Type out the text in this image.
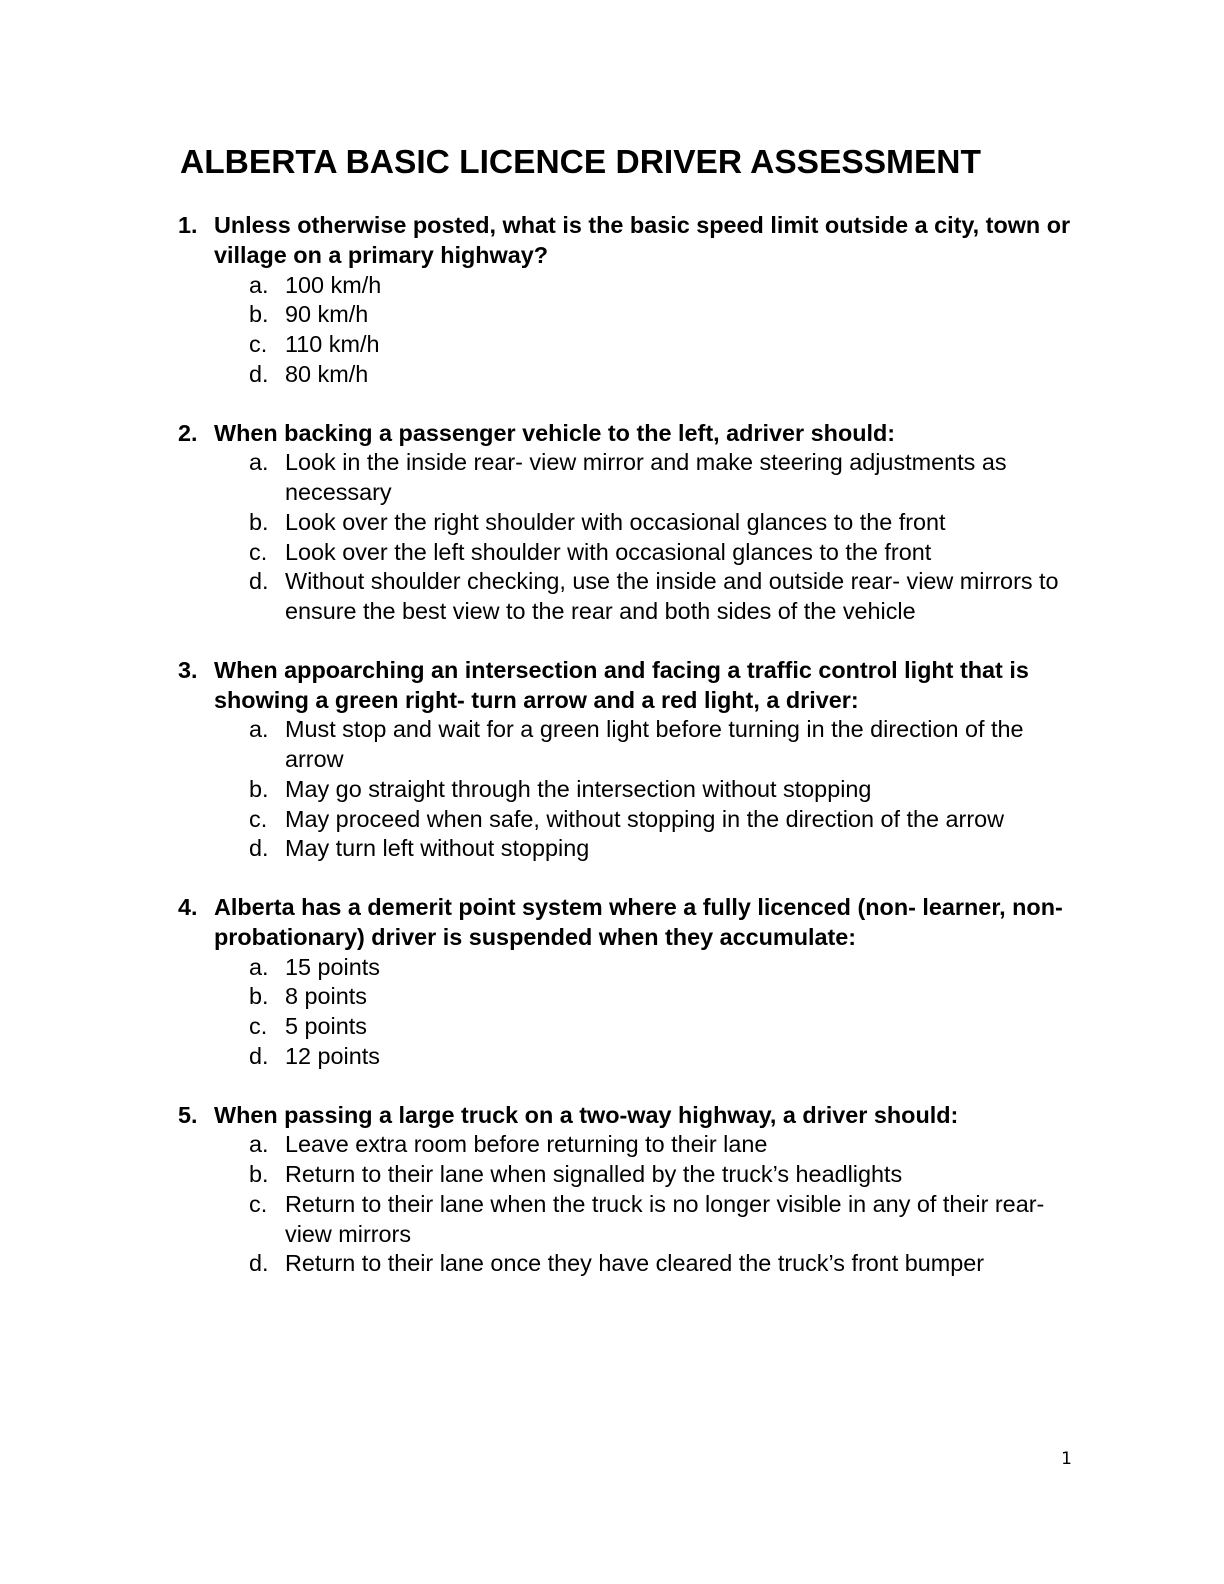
ALBERTA BASIC LICENCE DRIVER ASSESSMENT
1. Unless otherwise posted, what is the basic speed limit outside a city, town or village on a primary highway?
a. 100 km/h
b. 90 km/h
c. 110 km/h
d. 80 km/h
2. When backing a passenger vehicle to the left, adriver should:
a. Look in the inside rear- view mirror and make steering adjustments as necessary
b. Look over the right shoulder with occasional glances to the front
c. Look over the left shoulder with occasional glances to the front
d. Without shoulder checking, use the inside and outside rear- view mirrors to ensure the best view to the rear and both sides of the vehicle
3. When appoarching an intersection and facing a traffic control light that is showing a green right- turn arrow and a red light, a driver:
a. Must stop and wait for a green light before turning in the direction of the arrow
b. May go straight through the intersection without stopping
c. May proceed when safe, without stopping in the direction of the arrow
d. May turn left without stopping
4. Alberta has a demerit point system where a fully licenced (non- learner, non- probationary) driver is suspended when they accumulate:
a. 15 points
b. 8 points
c. 5 points
d. 12 points
5. When passing a large truck on a two-way highway, a driver should:
a. Leave extra room before returning to their lane
b. Return to their lane when signalled by the truck’s headlights
c. Return to their lane when the truck is no longer visible in any of their rear- view mirrors
d. Return to their lane once they have cleared the truck’s front bumper
1
